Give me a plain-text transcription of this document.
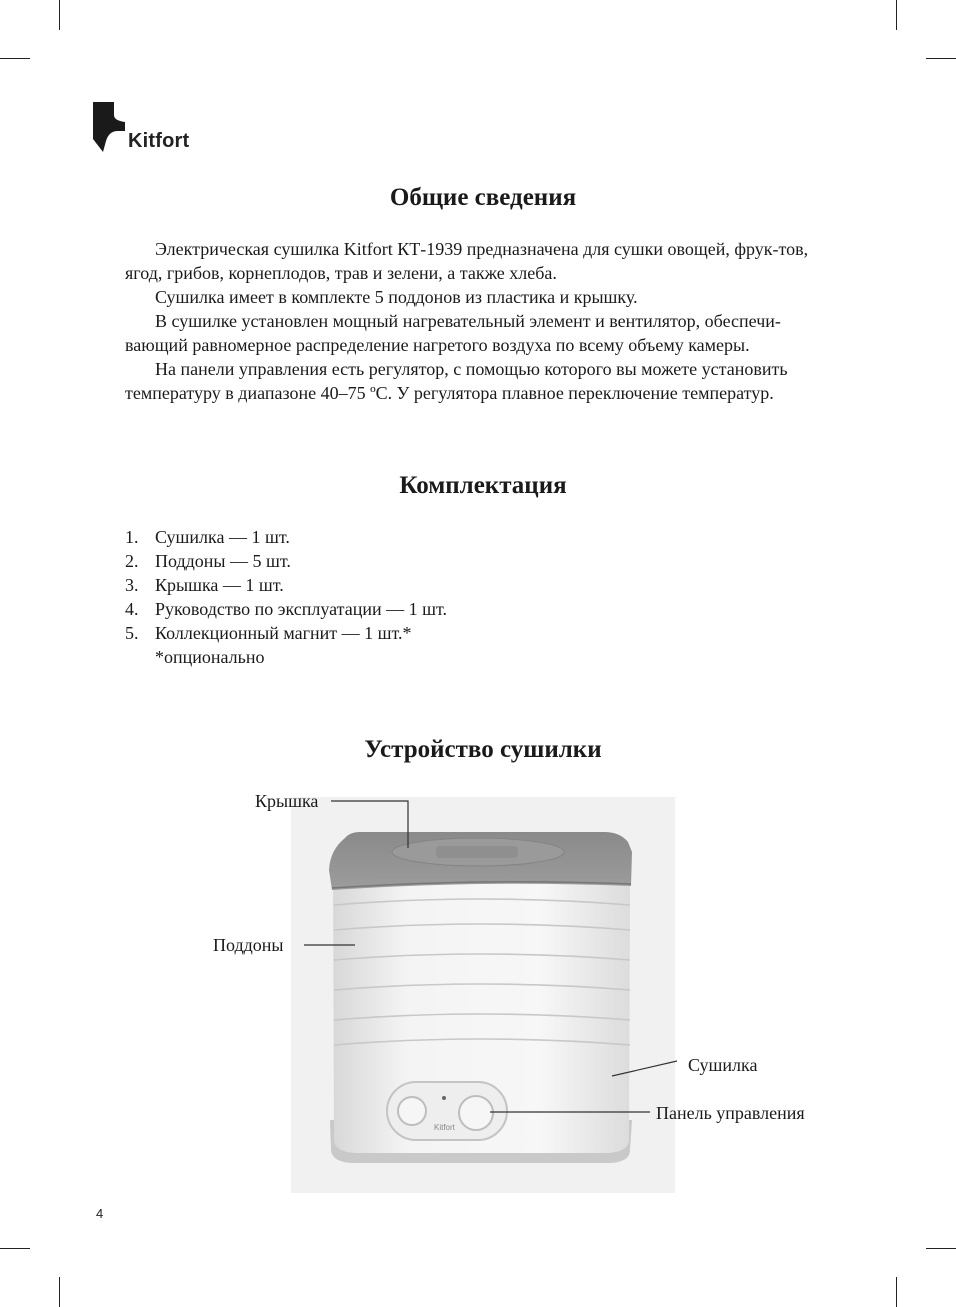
Kitfort
Общие сведения

Электрическая сушилка Kitfort КТ-1939 предназначена для сушки овощей, фрук-тов, ягод, грибов, корнеплодов, трав и зелени, а также хлеба.

Сушилка имеет в комплекте 5 поддонов из пластика и крышку.

В сушилке установлен мощный нагревательный элемент и вентилятор, обеспечи-вающий равномерное распределение нагретого воздуха по всему объему камеры.

На панели управления есть регулятор, с помощью которого вы можете установить температуру в диапазоне 40–75 ºС. У регулятора плавное переключение температур.

Комплектация
1. Сушилка — 1 шт.
2. Поддоны — 5 шт.
3. Крышка — 1 шт.
4. Руководство по эксплуатации — 1 шт.
5. Коллекционный магнит — 1 шт.*
*опционально
Устройство сушилки
Kitfort
Крышка
Поддоны
Сушилка
Панель управления
4
